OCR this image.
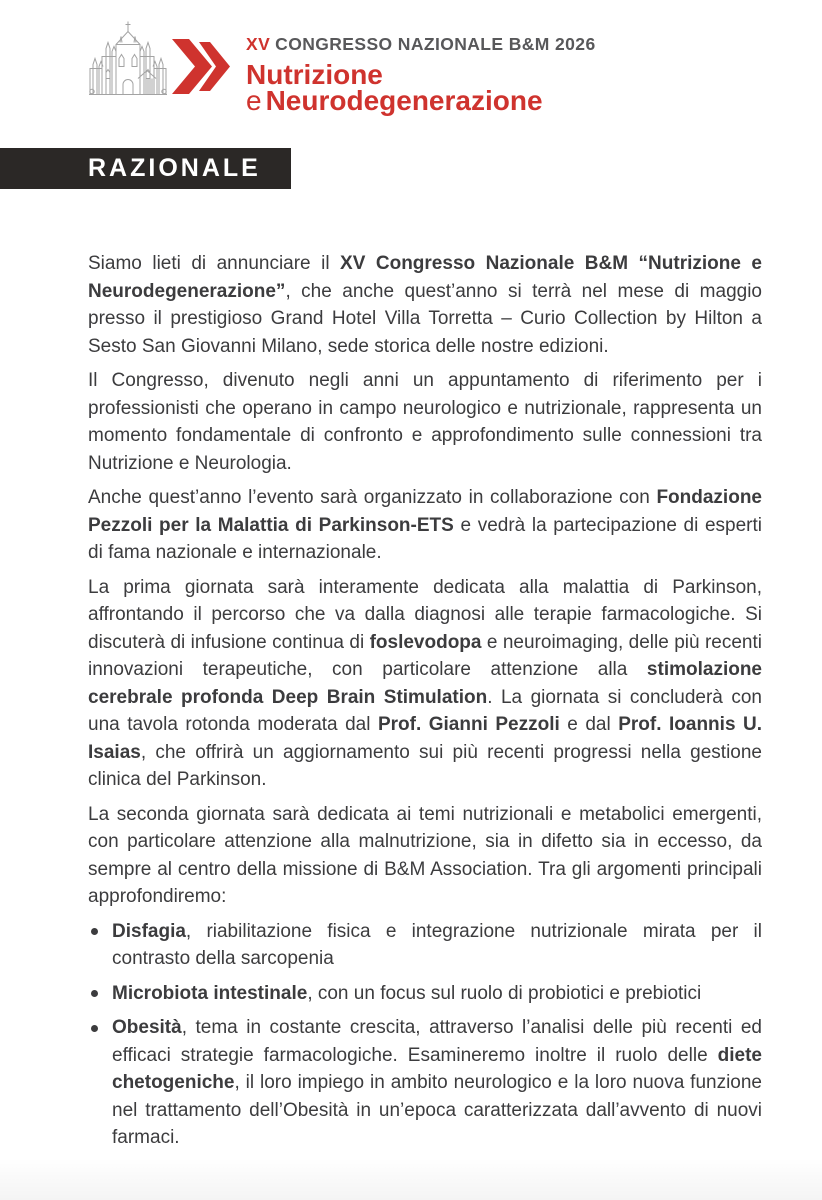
XV CONGRESSO NAZIONALE B&M 2026
Nutrizione
e Neurodegenerazione
RAZIONALE

Siamo lieti di annunciare il XV Congresso Nazionale B&M “Nutrizione e Neurodegenerazione”, che anche quest’anno si terrà nel mese di maggio presso il prestigioso Grand Hotel Villa Torretta – Curio Collection by Hilton a Sesto San Giovanni Milano, sede storica delle nostre edizioni.

Il Congresso, divenuto negli anni un appuntamento di riferimento per i professionisti che operano in campo neurologico e nutrizionale, rappresenta un momento fondamentale di confronto e approfondimento sulle connessioni tra Nutrizione e Neurologia.

Anche quest’anno l’evento sarà organizzato in collaborazione con Fondazione Pezzoli per la Malattia di Parkinson-ETS e vedrà la partecipazione di esperti di fama nazionale e internazionale.

La prima giornata sarà interamente dedicata alla malattia di Parkinson, affrontando il percorso che va dalla diagnosi alle terapie farmacologiche. Si discuterà di infusione continua di foslevodopa e neuroimaging, delle più recenti innovazioni terapeutiche, con particolare attenzione alla stimolazione cerebrale profonda Deep Brain Stimulation. La giornata si concluderà con una tavola rotonda moderata dal Prof. Gianni Pezzoli e dal Prof. Ioannis U. Isaias, che offrirà un aggiornamento sui più recenti progressi nella gestione clinica del Parkinson.

La seconda giornata sarà dedicata ai temi nutrizionali e metabolici emergenti, con particolare attenzione alla malnutrizione, sia in difetto sia in eccesso, da sempre al centro della missione di B&M Association. Tra gli argomenti principali approfondiremo:

Disfagia, riabilitazione fisica e integrazione nutrizionale mirata per il contrasto della sarcopenia
Microbiota intestinale, con un focus sul ruolo di probiotici e prebiotici
Obesità, tema in costante crescita, attraverso l’analisi delle più recenti ed efficaci strategie farmacologiche. Esamineremo inoltre il ruolo delle diete chetogeniche, il loro impiego in ambito neurologico e la loro nuova funzione nel trattamento dell’Obesità in un’epoca caratterizzata dall’avvento di nuovi farmaci.
